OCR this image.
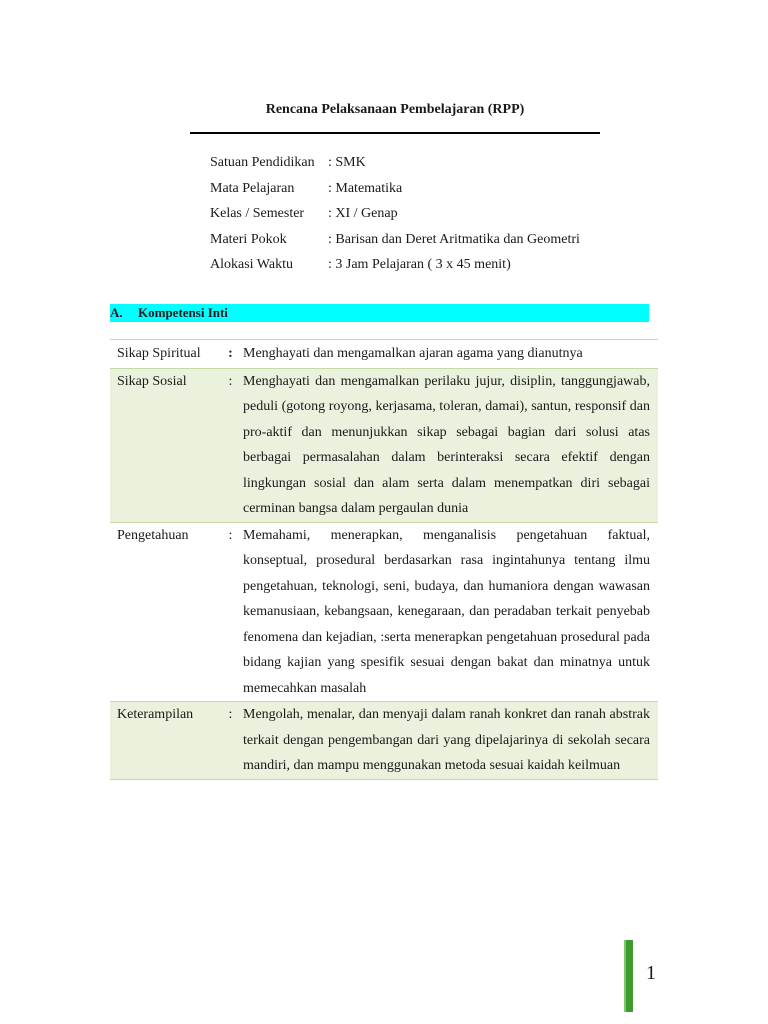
Rencana Pelaksanaan Pembelajaran (RPP)
Satuan Pendidikan : SMK
Mata Pelajaran	: Matematika
Kelas / Semester	: XI / Genap
Materi Pokok	: Barisan dan Deret Aritmatika dan Geometri
Alokasi Waktu	: 3 Jam Pelajaran ( 3 x 45 menit)
A. Kompetensi Inti
Sikap Spiritual	: Menghayati dan mengamalkan ajaran agama yang dianutnya
Sikap Sosial	: Menghayati dan mengamalkan perilaku jujur, disiplin, tanggungjawab, peduli (gotong royong, kerjasama, toleran, damai), santun, responsif dan pro-aktif dan menunjukkan sikap sebagai bagian dari solusi atas berbagai permasalahan dalam berinteraksi secara efektif dengan lingkungan sosial dan alam serta dalam menempatkan diri sebagai cerminan bangsa dalam pergaulan dunia
Pengetahuan	: Memahami, menerapkan, menganalisis pengetahuan faktual, konseptual, prosedural berdasarkan rasa ingintahunya tentang ilmu pengetahuan, teknologi, seni, budaya, dan humaniora dengan wawasan kemanusiaan, kebangsaan, kenegaraan, dan peradaban terkait penyebab fenomena dan kejadian, :serta menerapkan pengetahuan prosedural pada bidang kajian yang spesifik sesuai dengan bakat dan minatnya untuk memecahkan masalah
Keterampilan	: Mengolah, menalar, dan menyaji dalam ranah konkret dan ranah abstrak terkait dengan pengembangan dari yang dipelajarinya di sekolah secara mandiri, dan mampu menggunakan metoda sesuai kaidah keilmuan
1
